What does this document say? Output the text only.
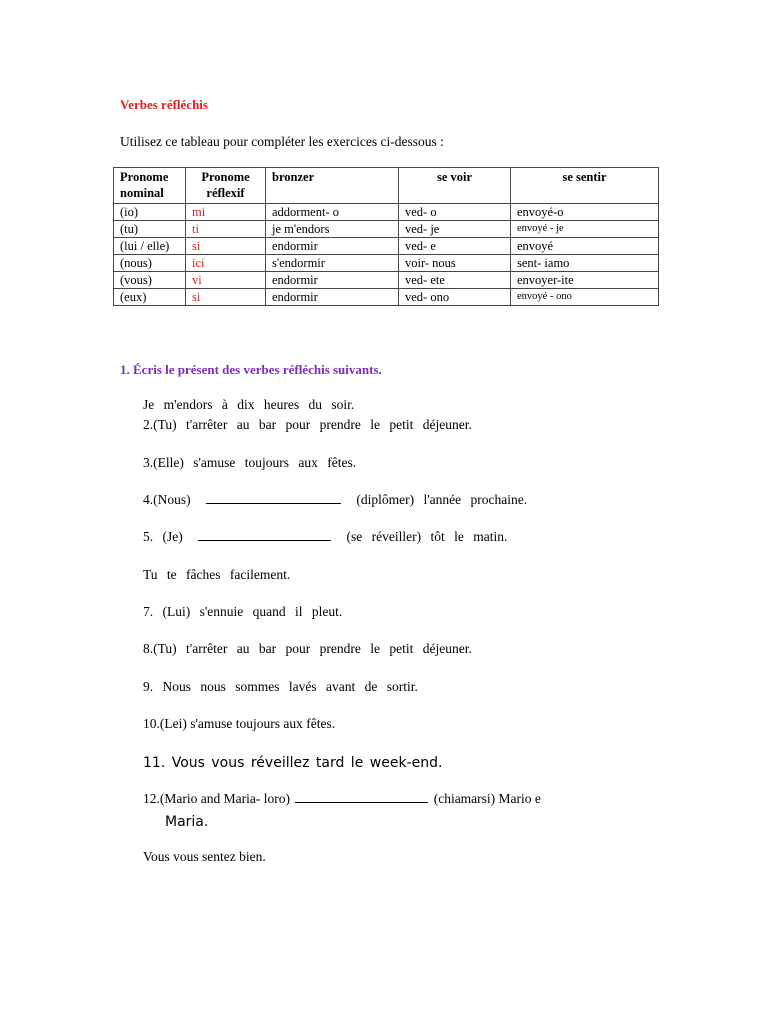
Verbes réfléchis
Utilisez ce tableau pour compléter les exercices ci-dessous :
Pronome nominal	Pronome réflexif	bronzer	se voir	se sentir
(io)	mi	addorment- o	ved- o	envoyé-o
(tu)	ti	je m'endors	ved- je	envoyé - je
(lui / elle)	si	endormir	ved- e	envoyé
(nous)	ici	s'endormir	voir- nous	sent- iamo
(vous)	vi	endormir	ved- ete	envoyer-ite
(eux)	si	endormir	ved- ono	envoyé - ono
1. Écris le présent des verbes réfléchis suivants.
Je m'endors à dix heures du soir.
2.(Tu) t'arrêter au bar pour prendre le petit déjeuner.
3.(Elle) s'amuse toujours aux fêtes.
4.(Nous)	(diplômer) l'année prochaine.
5. (Je)	(se réveiller) tôt le matin.
Tu te fâches facilement.
7. (Lui) s'ennuie quand il pleut.
8.(Tu) t'arrêter au bar pour prendre le petit déjeuner.
9. Nous nous sommes lavés avant de sortir.
10.(Lei) s'amuse toujours aux fêtes.
11. Vous vous réveillez tard le week-end.
12.(Mario and Maria- loro)	(chiamarsi) Mario e
Maria.
Vous vous sentez bien.
